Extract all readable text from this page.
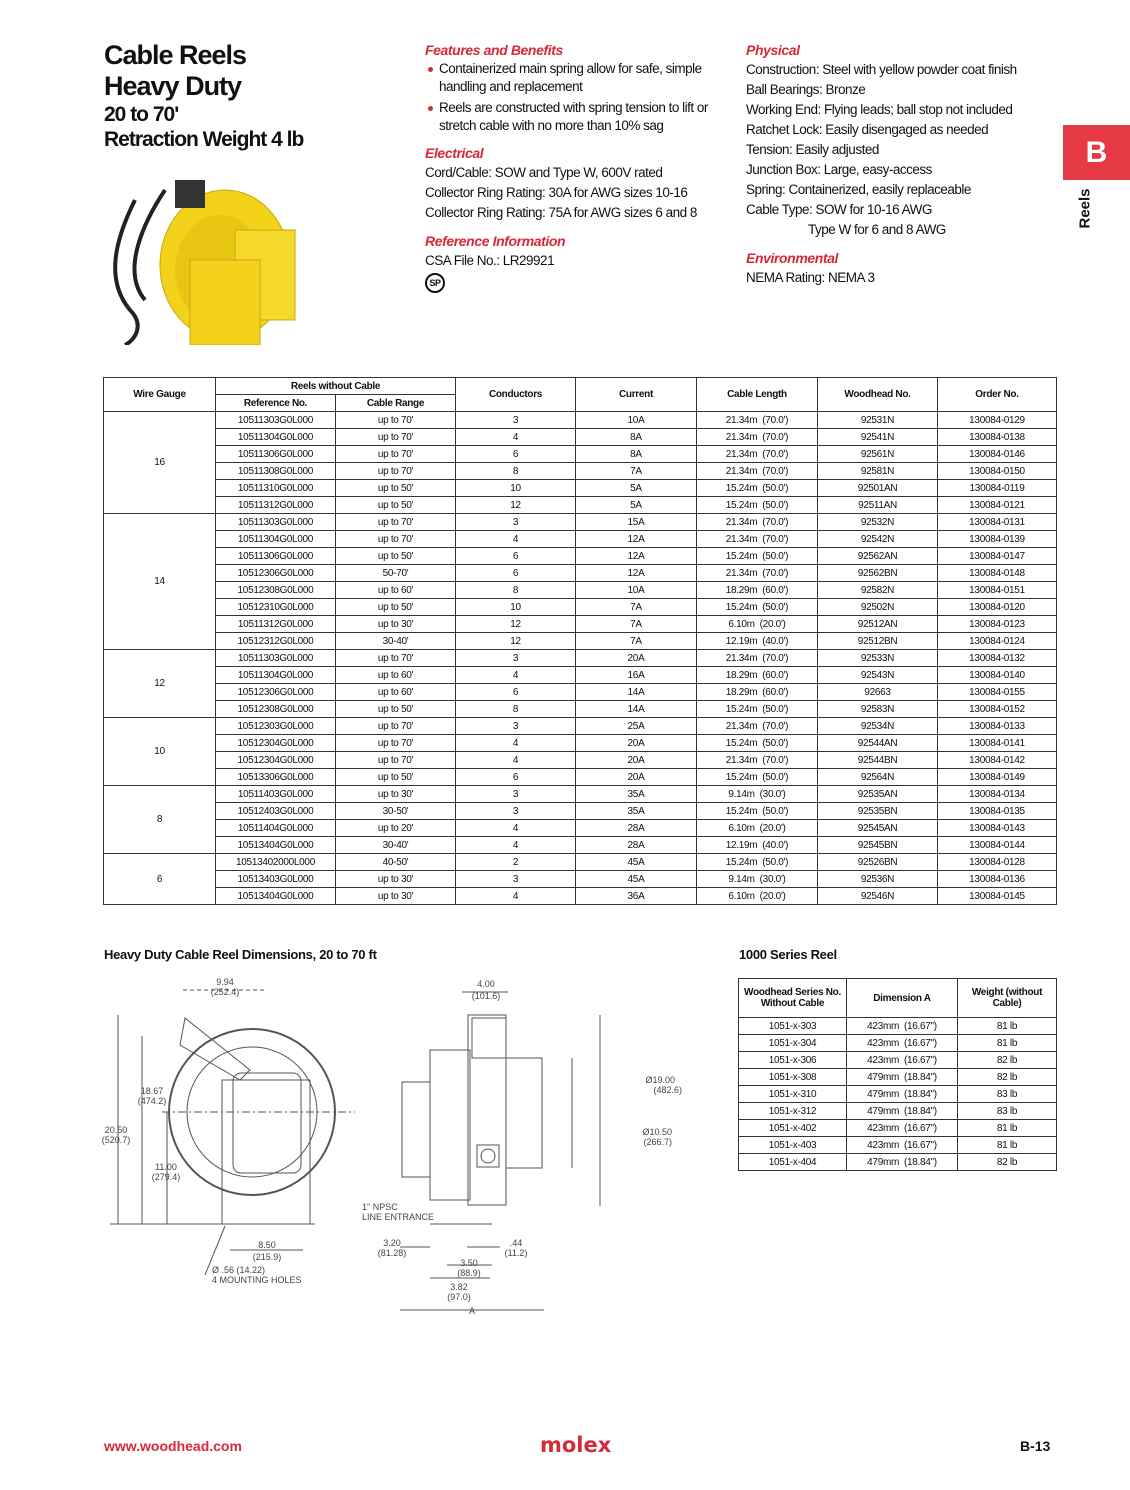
Cable Reels
Heavy Duty
20 to 70'
Retraction Weight 4 lb
Features and Benefits
Containerized main spring allow for safe, simple handling and replacement
Reels are constructed with spring tension to lift or stretch cable with no more than 10% sag
Electrical
Cord/Cable: SOW and Type W, 600V rated
Collector Ring Rating: 30A for AWG sizes 10-16
Collector Ring Rating: 75A for AWG sizes 6 and 8
Reference Information
CSA File No.: LR29921
SP
Physical
Construction: Steel with yellow powder coat finish
Ball Bearings: Bronze
Working End: Flying leads; ball stop not included
Ratchet Lock: Easily disengaged as needed
Tension: Easily adjusted
Junction Box: Large, easy-access
Spring: Containerized, easily replaceable
Cable Type: SOW for 10-16 AWG
Type W for 6 and 8 AWG
Environmental
NEMA Rating: NEMA 3
B
Reels
Wire Gauge	Reels without Cable		Conductors	Current	Cable Length	Woodhead No.	Order No.
	Reference No.	Cable Range					
16	10511303G0L000	up to 70'	3	10A	21.34m  (70.0')	92531N	130084-0129
	10511304G0L000	up to 70'	4	8A	21.34m  (70.0')	92541N	130084-0138
	10511306G0L000	up to 70'	6	8A	21.34m  (70.0')	92561N	130084-0146
	10511308G0L000	up to 70'	8	7A	21.34m  (70.0')	92581N	130084-0150
	10511310G0L000	up to 50'	10	5A	15.24m  (50.0')	92501AN	130084-0119
	10511312G0L000	up to 50'	12	5A	15.24m  (50.0')	92511AN	130084-0121
14	10511303G0L000	up to 70'	3	15A	21.34m  (70.0')	92532N	130084-0131
	10511304G0L000	up to 70'	4	12A	21.34m  (70.0')	92542N	130084-0139
	10511306G0L000	up to 50'	6	12A	15.24m  (50.0')	92562AN	130084-0147
	10512306G0L000	50-70'	6	12A	21.34m  (70.0')	92562BN	130084-0148
	10512308G0L000	up to 60'	8	10A	18.29m  (60.0')	92582N	130084-0151
	10512310G0L000	up to 50'	10	7A	15.24m  (50.0')	92502N	130084-0120
	10511312G0L000	up to 30'	12	7A	6.10m  (20.0')	92512AN	130084-0123
	10512312G0L000	30-40'	12	7A	12.19m  (40.0')	92512BN	130084-0124
12	10511303G0L000	up to 70'	3	20A	21.34m  (70.0')	92533N	130084-0132
	10511304G0L000	up to 60'	4	16A	18.29m  (60.0')	92543N	130084-0140
	10512306G0L000	up to 60'	6	14A	18.29m  (60.0')	92663	130084-0155
	10512308G0L000	up to 50'	8	14A	15.24m  (50.0')	92583N	130084-0152
10	10512303G0L000	up to 70'	3	25A	21.34m  (70.0')	92534N	130084-0133
	10512304G0L000	up to 70'	4	20A	15.24m  (50.0')	92544AN	130084-0141
	10512304G0L000	up to 70'	4	20A	21.34m  (70.0')	92544BN	130084-0142
	10513306G0L000	up to 50'	6	20A	15.24m  (50.0')	92564N	130084-0149
8	10511403G0L000	up to 30'	3	35A	9.14m  (30.0')	92535AN	130084-0134
	10512403G0L000	30-50'	3	35A	15.24m  (50.0')	92535BN	130084-0135
	10511404G0L000	up to 20'	4	28A	6.10m  (20.0')	92545AN	130084-0143
	10513404G0L000	30-40'	4	28A	12.19m  (40.0')	92545BN	130084-0144
6	10513402000L000	40-50'	2	45A	15.24m  (50.0')	92526BN	130084-0128
	10513403G0L000	up to 30'	3	45A	9.14m  (30.0')	92536N	130084-0136
	10513404G0L000	up to 30'	4	36A	6.10m  (20.0')	92546N	130084-0145
Heavy Duty Cable Reel Dimensions, 20 to 70 ft	1000 Series Reel
9.94
(252.4)
18.67
(474.2)
20.50
(520.7)
11.00
(279.4)
8.50
(215.9)
Ø .56 (14.22)
4 MOUNTING HOLES
1" NPSC
LINE ENTRANCE
4.00
(101.6)
Ø19.00
(482.6)
Ø10.50
(266.7)
3.20
(81.28)
.44
(11.2)
3.50
(88.9)
3.82
(97.0)
A
Woodhead Series No. Without Cable	Dimension A	Weight (without Cable)
1051-x-303	423mm  (16.67")	81 lb
1051-x-304	423mm  (16.67")	81 lb
1051-x-306	423mm  (16.67")	82 lb
1051-x-308	479mm  (18.84")	82 lb
1051-x-310	479mm  (18.84")	83 lb
1051-x-312	479mm  (18.84")	83 lb
1051-x-402	423mm  (16.67")	81 lb
1051-x-403	423mm  (16.67")	81 lb
1051-x-404	479mm  (18.84")	82 lb
www.woodhead.com	molex	B-13
